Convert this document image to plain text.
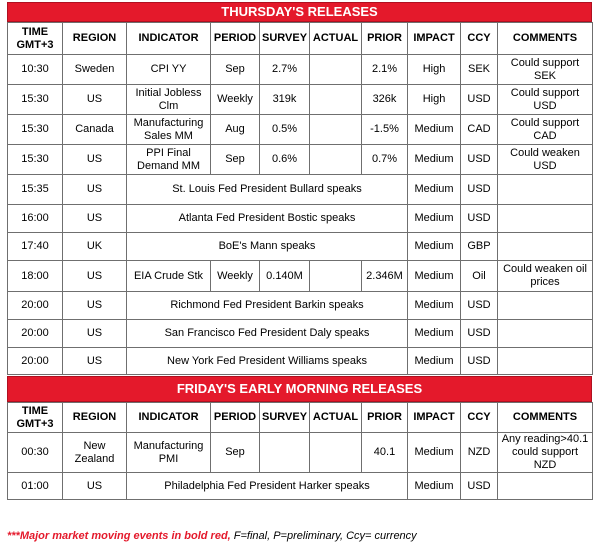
THURSDAY'S RELEASES
TIME GMT+3	REGION	INDICATOR	PERIOD	SURVEY	ACTUAL	PRIOR	IMPACT	CCY	COMMENTS
10:30	Sweden	CPI YY	Sep	2.7%		2.1%	High	SEK	Could support SEK
15:30	US	Initial Jobless Clm	Weekly	319k		326k	High	USD	Could support USD
15:30	Canada	Manufacturing Sales MM	Aug	0.5%		-1.5%	Medium	CAD	Could support CAD
15:30	US	PPI Final Demand MM	Sep	0.6%		0.7%	Medium	USD	Could weaken USD
15:35	US	St. Louis Fed President Bullard speaks					Medium	USD	
16:00	US	Atlanta Fed President Bostic speaks					Medium	USD	
17:40	UK	BoE's Mann speaks					Medium	GBP	
18:00	US	EIA Crude Stk	Weekly	0.140M		2.346M	Medium	Oil	Could weaken oil prices
20:00	US	Richmond Fed President Barkin speaks					Medium	USD	
20:00	US	San Francisco Fed President Daly speaks					Medium	USD	
20:00	US	New York Fed President Williams speaks					Medium	USD	
FRIDAY'S EARLY MORNING RELEASES
TIME GMT+3	REGION	INDICATOR	PERIOD	SURVEY	ACTUAL	PRIOR	IMPACT	CCY	COMMENTS
00:30	New Zealand	Manufacturing PMI	Sep			40.1	Medium	NZD	Any reading>40.1 could support NZD
01:00	US	Philadelphia Fed President Harker speaks					Medium	USD	
***Major market moving events in bold red, F=final, P=preliminary, Ccy= currency
